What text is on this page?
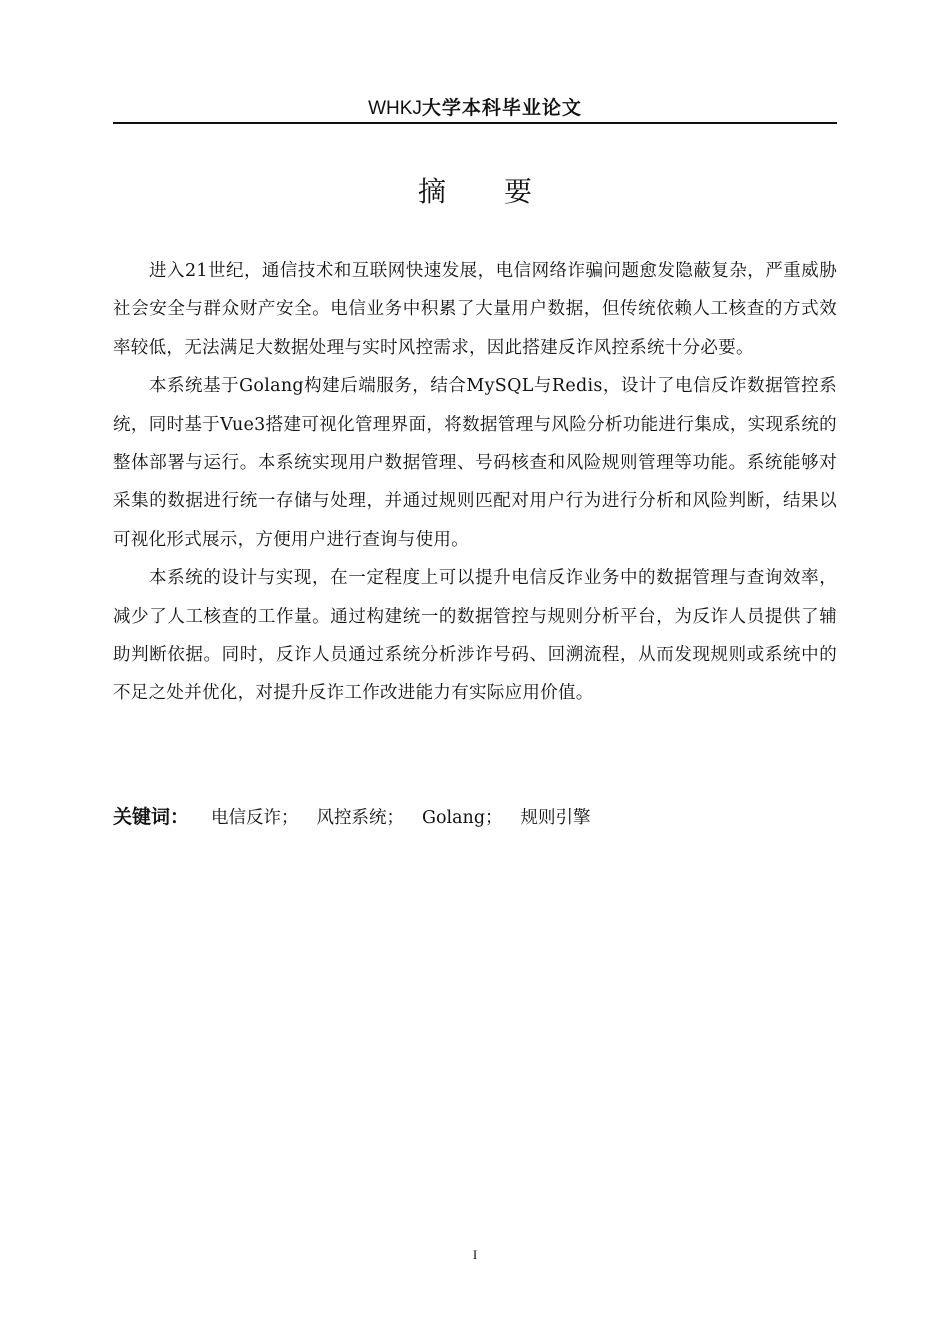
WHKJ大学本科毕业论文
摘要

进入21世纪，通信技术和互联网快速发展，电信网络诈骗问题愈发隐蔽复杂，严重威胁社会安全与群众财产安全。电信业务中积累了大量用户数据，但传统依赖人工核查的方式效率较低，无法满足大数据处理与实时风控需求，因此搭建反诈风控系统十分必要。

本系统基于Golang构建后端服务，结合MySQL与Redis，设计了电信反诈数据管控系统，同时基于Vue3搭建可视化管理界面，将数据管理与风险分析功能进行集成，实现系统的整体部署与运行。本系统实现用户数据管理、号码核查和风险规则管理等功能。系统能够对采集的数据进行统一存储与处理，并通过规则匹配对用户行为进行分析和风险判断，结果以可视化形式展示，方便用户进行查询与使用。

本系统的设计与实现，在一定程度上可以提升电信反诈业务中的数据管理与查询效率，减少了人工核查的工作量。通过构建统一的数据管控与规则分析平台，为反诈人员提供了辅助判断依据。同时，反诈人员通过系统分析涉诈号码、回溯流程，从而发现规则或系统中的不足之处并优化，对提升反诈工作改进能力有实际应用价值。

关键词： 电信反诈； 风控系统； Golang； 规则引擎
I
